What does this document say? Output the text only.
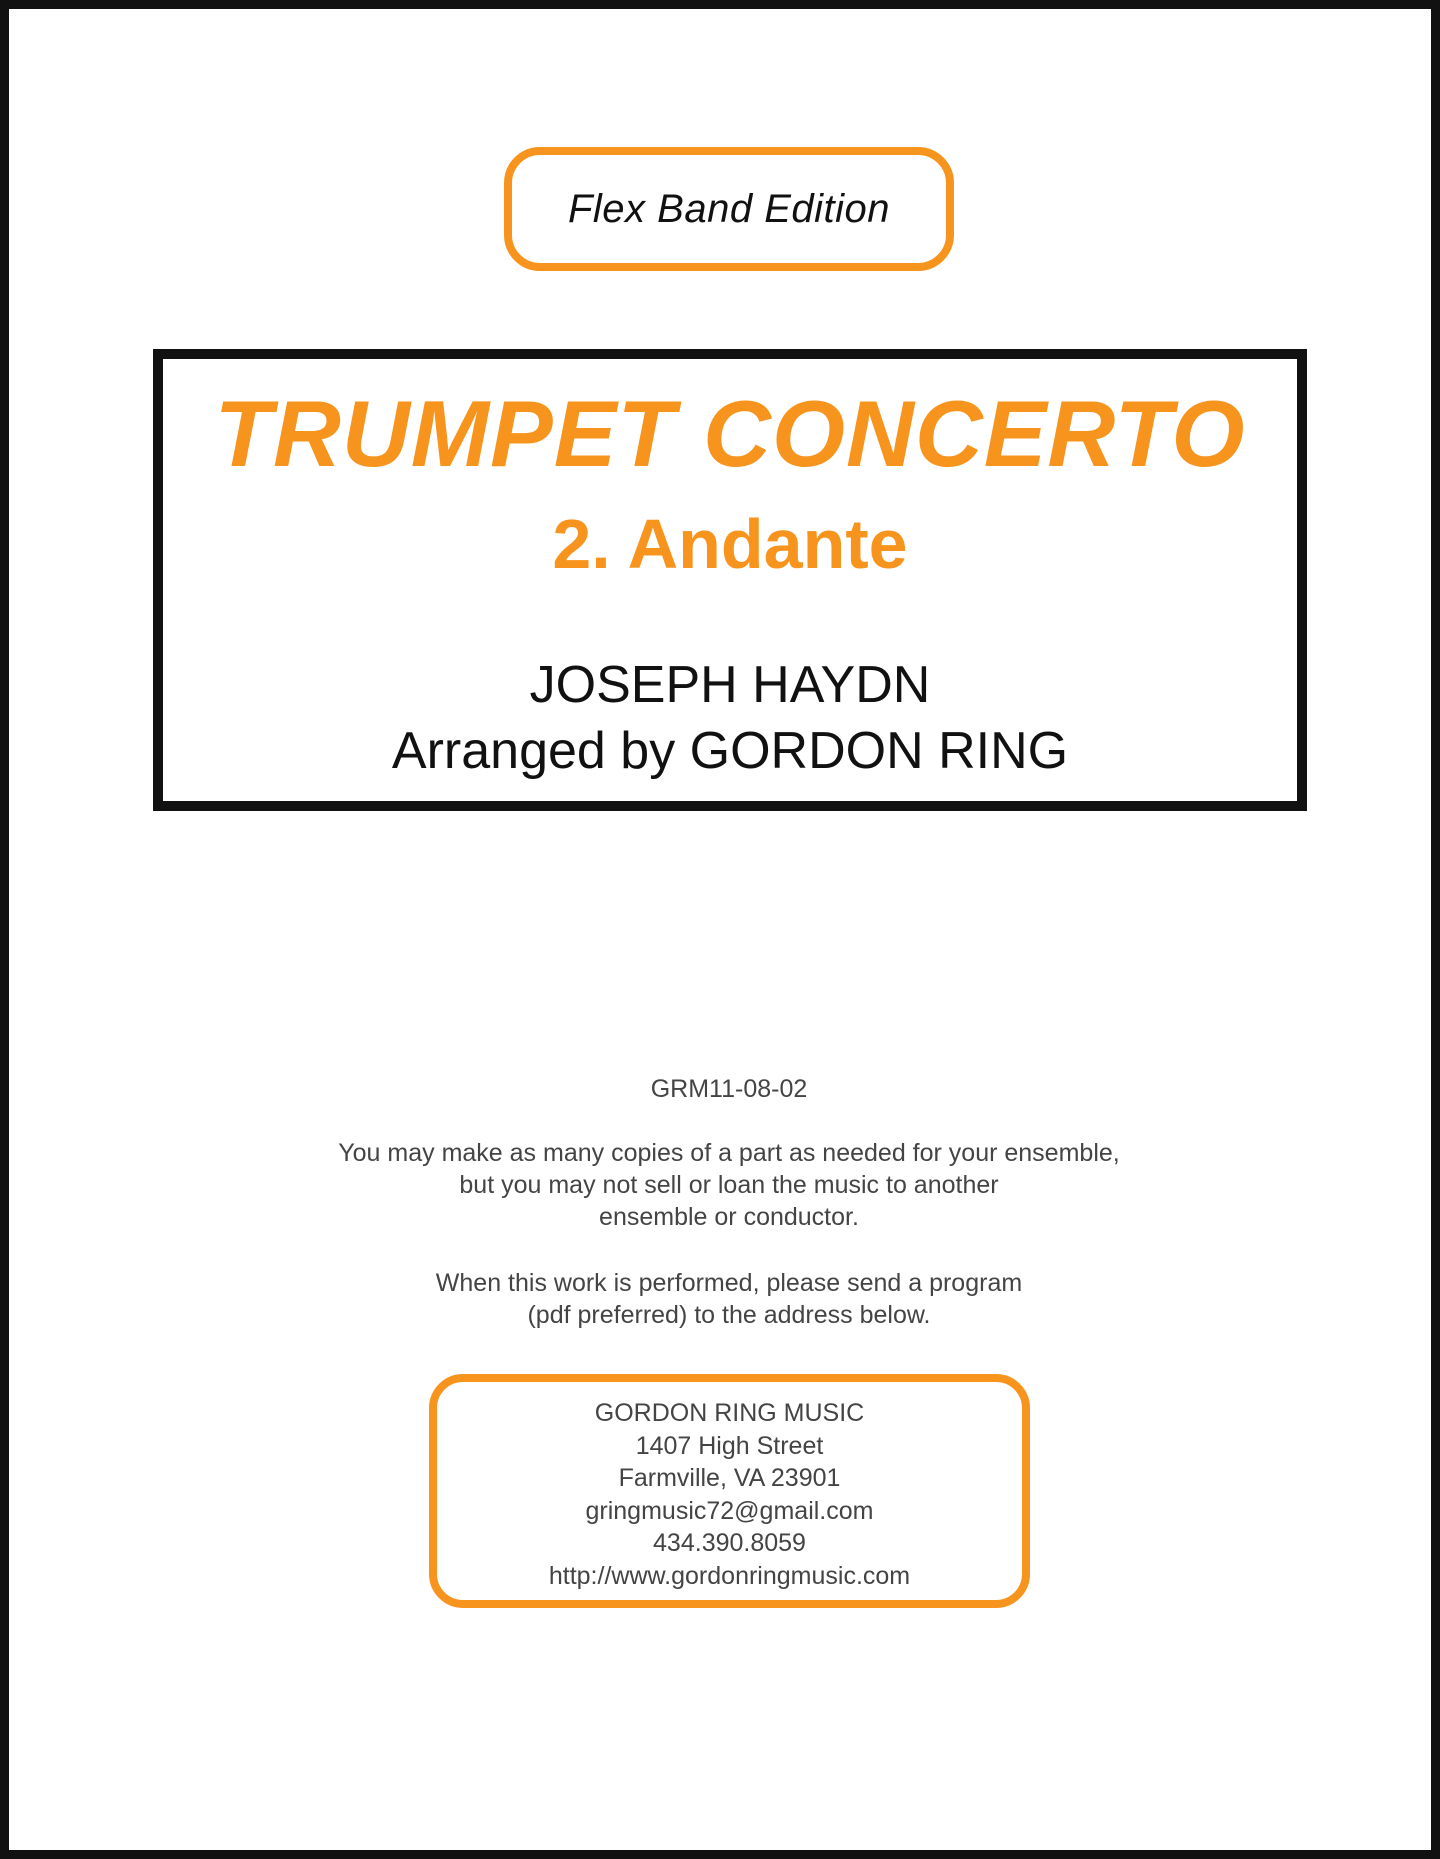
Flex Band Edition
TRUMPET CONCERTO
2. Andante
JOSEPH HAYDN
Arranged by GORDON RING
GRM11-08-02
You may make as many copies of a part as needed for your ensemble,
but you may not sell or loan the music to another
ensemble or conductor.
When this work is performed, please send a program
(pdf preferred) to the address below.
GORDON RING MUSIC
1407 High Street
Farmville, VA 23901
gringmusic72@gmail.com
434.390.8059
http://www.gordonringmusic.com
